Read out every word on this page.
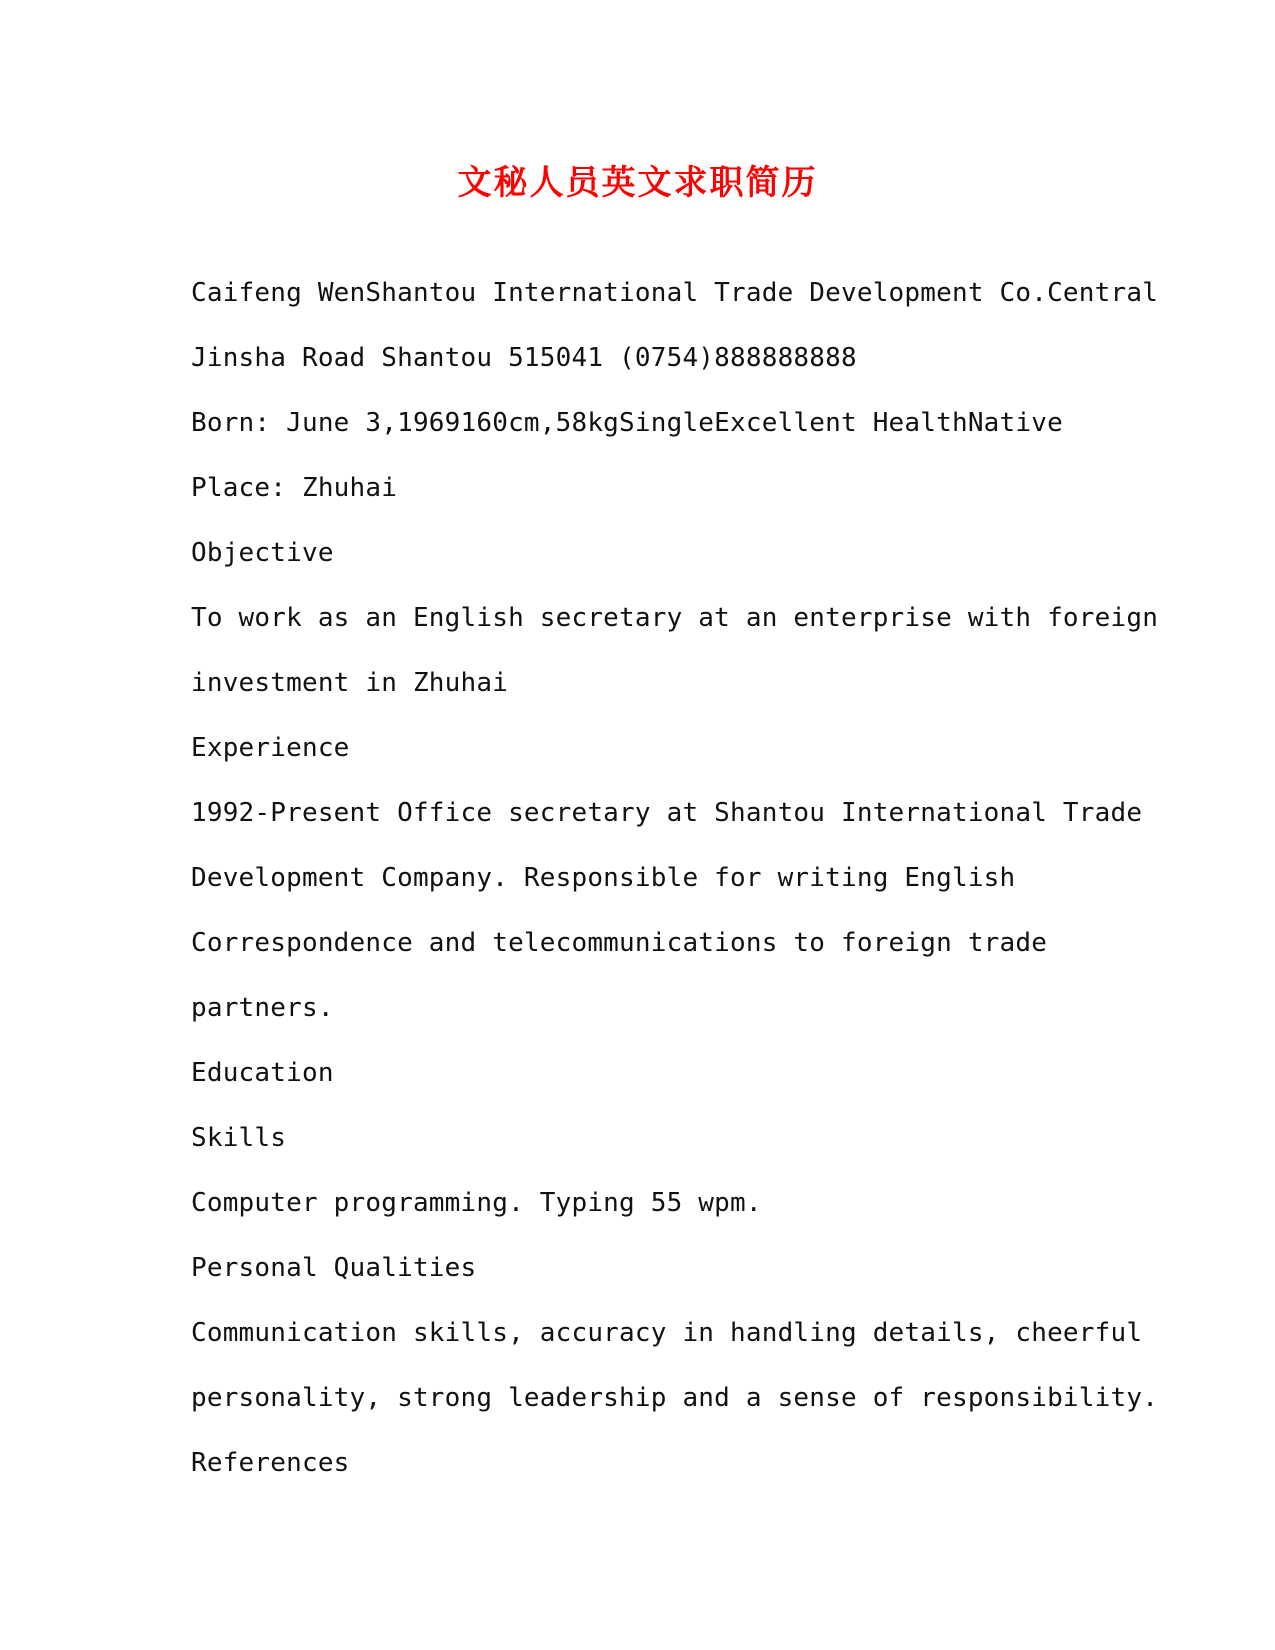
文秘人员英文求职简历
Caifeng WenShantou International Trade Development Co.Central
Jinsha Road Shantou 515041 (0754)888888888
Born: June 3,1969160cm,58kgSingleExcellent HealthNative
Place: Zhuhai
Objective
To work as an English secretary at an enterprise with foreign
investment in Zhuhai
Experience
1992-Present Office secretary at Shantou International Trade
Development Company. Responsible for writing English
Correspondence and telecommunications to foreign trade
partners.
Education
Skills
Computer programming. Typing 55 wpm.
Personal Qualities
Communication skills, accuracy in handling details, cheerful
personality, strong leadership and a sense of responsibility.
References
